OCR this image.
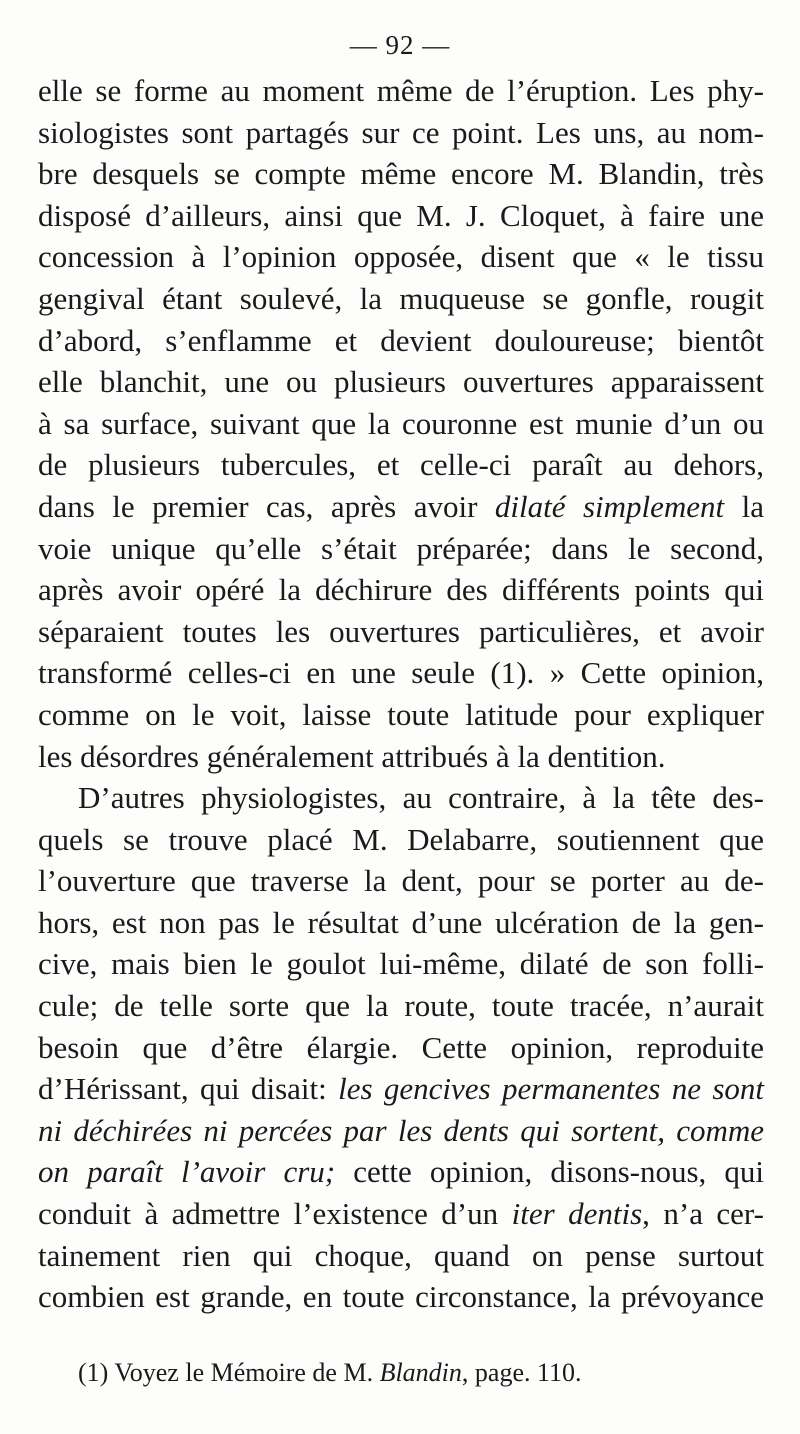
— 92 —
elle se forme au moment même de l’éruption. Les phy-
siologistes sont partagés sur ce point. Les uns, au nom-
bre desquels se compte même encore M. Blandin, très
disposé d’ailleurs, ainsi que M. J. Cloquet, à faire une
concession à l’opinion opposée, disent que « le tissu
gengival étant soulevé, la muqueuse se gonfle, rougit
d’abord, s’enflamme et devient douloureuse; bientôt
elle blanchit, une ou plusieurs ouvertures apparaissent
à sa surface, suivant que la couronne est munie d’un ou
de plusieurs tubercules, et celle-ci paraît au dehors,
dans le premier cas, après avoir dilaté simplement la
voie unique qu’elle s’était préparée; dans le second,
après avoir opéré la déchirure des différents points qui
séparaient toutes les ouvertures particulières, et avoir
transformé celles-ci en une seule (1). » Cette opinion,
comme on le voit, laisse toute latitude pour expliquer
les désordres généralement attribués à la dentition.
D’autres physiologistes, au contraire, à la tête des-
quels se trouve placé M. Delabarre, soutiennent que
l’ouverture que traverse la dent, pour se porter au de-
hors, est non pas le résultat d’une ulcération de la gen-
cive, mais bien le goulot lui-même, dilaté de son folli-
cule; de telle sorte que la route, toute tracée, n’aurait
besoin que d’être élargie. Cette opinion, reproduite
d’Hérissant, qui disait: les gencives permanentes ne sont
ni déchirées ni percées par les dents qui sortent, comme
on paraît l’avoir cru; cette opinion, disons-nous, qui
conduit à admettre l’existence d’un iter dentis, n’a cer-
tainement rien qui choque, quand on pense surtout
combien est grande, en toute circonstance, la prévoyance
(1) Voyez le Mémoire de M. Blandin, page. 110.
